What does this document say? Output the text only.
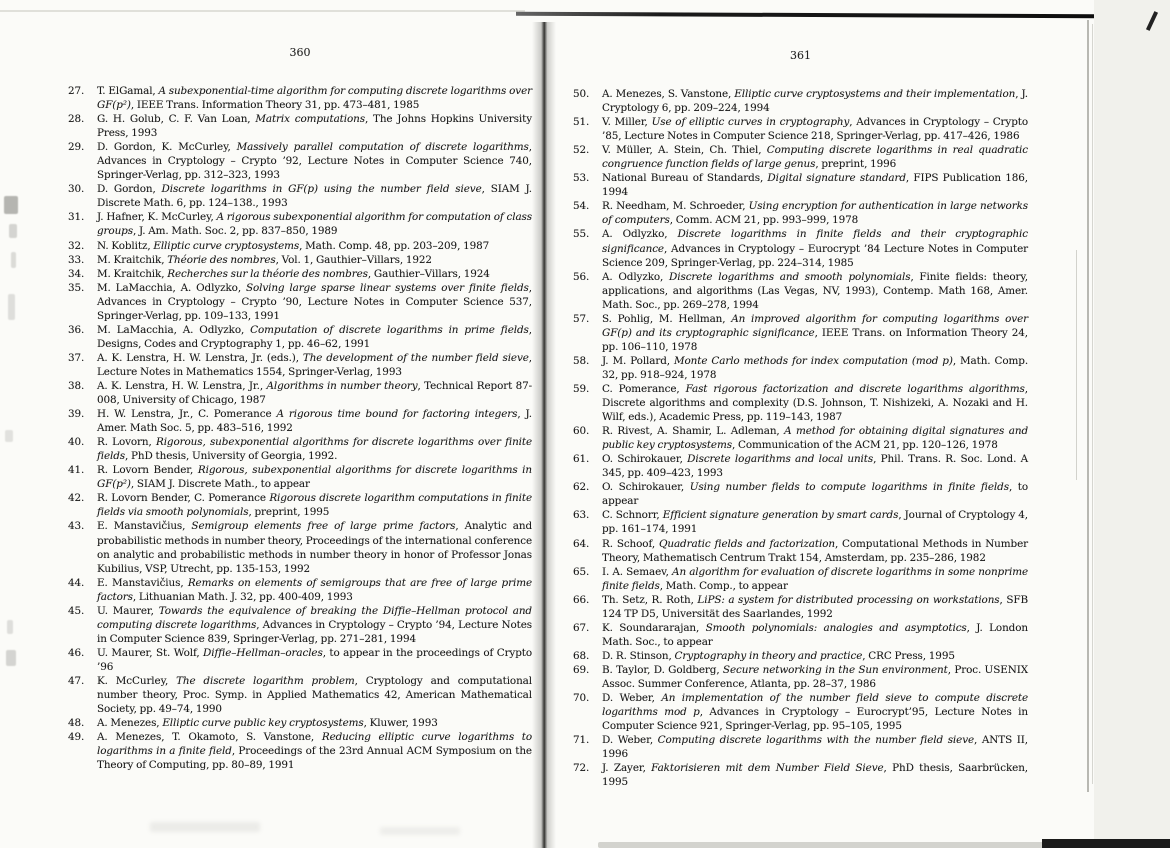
360
27.	T. ElGamal, A subexponential-time algorithm for computing discrete logarithms over GF(p²), IEEE Trans. Information Theory 31, pp. 473–481, 1985
28.	G. H. Golub, C. F. Van Loan, Matrix computations, The Johns Hopkins University Press, 1993
29.	D. Gordon, K. McCurley, Massively parallel computation of discrete logarithms, Advances in Cryptology – Crypto ’92, Lecture Notes in Computer Science 740, Springer-Verlag, pp. 312–323, 1993
30.	D. Gordon, Discrete logarithms in GF(p) using the number field sieve, SIAM J. Discrete Math. 6, pp. 124–138., 1993
31.	J. Hafner, K. McCurley, A rigorous subexponential algorithm for computation of class groups, J. Am. Math. Soc. 2, pp. 837–850, 1989
32.	N. Koblitz, Elliptic curve cryptosystems, Math. Comp. 48, pp. 203–209, 1987
33.	M. Kraitchik, Théorie des nombres, Vol. 1, Gauthier–Villars, 1922
34.	M. Kraitchik, Recherches sur la théorie des nombres, Gauthier–Villars, 1924
35.	M. LaMacchia, A. Odlyzko, Solving large sparse linear systems over finite fields, Advances in Cryptology – Crypto ’90, Lecture Notes in Computer Science 537, Springer-Verlag, pp. 109–133, 1991
36.	M. LaMacchia, A. Odlyzko, Computation of discrete logarithms in prime fields, Designs, Codes and Cryptography 1, pp. 46–62, 1991
37.	A. K. Lenstra, H. W. Lenstra, Jr. (eds.), The development of the number field sieve, Lecture Notes in Mathematics 1554, Springer-Verlag, 1993
38.	A. K. Lenstra, H. W. Lenstra, Jr., Algorithms in number theory, Technical Report 87-008, University of Chicago, 1987
39.	H. W. Lenstra, Jr., C. Pomerance A rigorous time bound for factoring integers, J. Amer. Math Soc. 5, pp. 483–516, 1992
40.	R. Lovorn, Rigorous, subexponential algorithms for discrete logarithms over finite fields, PhD thesis, University of Georgia, 1992.
41.	R. Lovorn Bender, Rigorous, subexponential algorithms for discrete logarithms in GF(p²), SIAM J. Discrete Math., to appear
42.	R. Lovorn Bender, C. Pomerance Rigorous discrete logarithm computations in finite fields via smooth polynomials, preprint, 1995
43.	E. Manstavičius, Semigroup elements free of large prime factors, Analytic and probabilistic methods in number theory, Proceedings of the international conference on analytic and probabilistic methods in number theory in honor of Professor Jonas Kubilius, VSP, Utrecht, pp. 135-153, 1992
44.	E. Manstavičius, Remarks on elements of semigroups that are free of large prime factors, Lithuanian Math. J. 32, pp. 400-409, 1993
45.	U. Maurer, Towards the equivalence of breaking the Diffie–Hellman protocol and computing discrete logarithms, Advances in Cryptology – Crypto ’94, Lecture Notes in Computer Science 839, Springer-Verlag, pp. 271–281, 1994
46.	U. Maurer, St. Wolf, Diffie–Hellman–oracles, to appear in the proceedings of Crypto ’96
47.	K. McCurley, The discrete logarithm problem, Cryptology and computational number theory, Proc. Symp. in Applied Mathematics 42, American Mathematical Society, pp. 49–74, 1990
48.	A. Menezes, Elliptic curve public key cryptosystems, Kluwer, 1993
49.	A. Menezes, T. Okamoto, S. Vanstone, Reducing elliptic curve logarithms to logarithms in a finite field, Proceedings of the 23rd Annual ACM Symposium on the Theory of Computing, pp. 80–89, 1991
361
50.	A. Menezes, S. Vanstone, Elliptic curve cryptosystems and their implementation, J. Cryptology 6, pp. 209–224, 1994
51.	V. Miller, Use of elliptic curves in cryptography, Advances in Cryptology – Crypto ’85, Lecture Notes in Computer Science 218, Springer-Verlag, pp. 417–426, 1986
52.	V. Müller, A. Stein, Ch. Thiel, Computing discrete logarithms in real quadratic congruence function fields of large genus, preprint, 1996
53.	National Bureau of Standards, Digital signature standard, FIPS Publication 186, 1994
54.	R. Needham, M. Schroeder, Using encryption for authentication in large networks of computers, Comm. ACM 21, pp. 993–999, 1978
55.	A. Odlyzko, Discrete logarithms in finite fields and their cryptographic significance, Advances in Cryptology – Eurocrypt ’84 Lecture Notes in Computer Science 209, Springer-Verlag, pp. 224–314, 1985
56.	A. Odlyzko, Discrete logarithms and smooth polynomials, Finite fields: theory, applications, and algorithms (Las Vegas, NV, 1993), Contemp. Math 168, Amer. Math. Soc., pp. 269–278, 1994
57.	S. Pohlig, M. Hellman, An improved algorithm for computing logarithms over GF(p) and its cryptographic significance, IEEE Trans. on Information Theory 24, pp. 106–110, 1978
58.	J. M. Pollard, Monte Carlo methods for index computation (mod p), Math. Comp. 32, pp. 918–924, 1978
59.	C. Pomerance, Fast rigorous factorization and discrete logarithms algorithms, Discrete algorithms and complexity (D.S. Johnson, T. Nishizeki, A. Nozaki and H. Wilf, eds.), Academic Press, pp. 119–143, 1987
60.	R. Rivest, A. Shamir, L. Adleman, A method for obtaining digital signatures and public key cryptosystems, Communication of the ACM 21, pp. 120–126, 1978
61.	O. Schirokauer, Discrete logarithms and local units, Phil. Trans. R. Soc. Lond. A 345, pp. 409–423, 1993
62.	O. Schirokauer, Using number fields to compute logarithms in finite fields, to appear
63.	C. Schnorr, Efficient signature generation by smart cards, Journal of Cryptology 4, pp. 161–174, 1991
64.	R. Schoof, Quadratic fields and factorization, Computational Methods in Number Theory, Mathematisch Centrum Trakt 154, Amsterdam, pp. 235–286, 1982
65.	I. A. Semaev, An algorithm for evaluation of discrete logarithms in some nonprime finite fields, Math. Comp., to appear
66.	Th. Setz, R. Roth, LiPS: a system for distributed processing on workstations, SFB 124 TP D5, Universität des Saarlandes, 1992
67.	K. Soundararajan, Smooth polynomials: analogies and asymptotics, J. London Math. Soc., to appear
68.	D. R. Stinson, Cryptography in theory and practice, CRC Press, 1995
69.	B. Taylor, D. Goldberg, Secure networking in the Sun environment, Proc. USENIX Assoc. Summer Conference, Atlanta, pp. 28–37, 1986
70.	D. Weber, An implementation of the number field sieve to compute discrete logarithms mod p, Advances in Cryptology – Eurocrypt’95, Lecture Notes in Computer Science 921, Springer-Verlag, pp. 95–105, 1995
71.	D. Weber, Computing discrete logarithms with the number field sieve, ANTS II, 1996
72.	J. Zayer, Faktorisieren mit dem Number Field Sieve, PhD thesis, Saarbrücken, 1995
